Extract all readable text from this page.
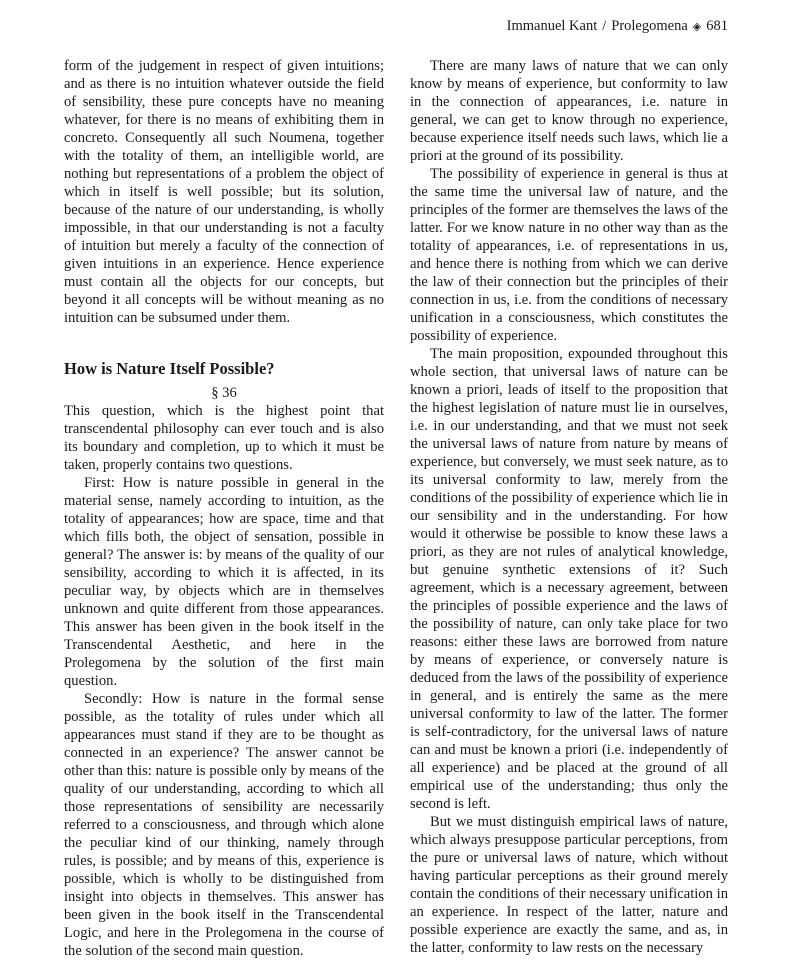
Immanuel Kant / Prolegomena ◈ 681

form of the judgement in respect of given intuitions; and as there is no intuition whatever outside the field of sensibility, these pure concepts have no meaning whatever, for there is no means of exhibiting them in concreto. Consequently all such Noumena, together with the totality of them, an intelligible world, are nothing but representations of a problem the object of which in itself is well possible; but its solution, because of the nature of our understanding, is wholly impossible, in that our understanding is not a faculty of intuition but merely a faculty of the connection of given intuitions in an experience. Hence experience must contain all the objects for our concepts, but beyond it all concepts will be without meaning as no intuition can be subsumed under them.

How is Nature Itself Possible?

§ 36

This question, which is the highest point that transcendental philosophy can ever touch and is also its boundary and completion, up to which it must be taken, properly contains two questions.

First: How is nature possible in general in the material sense, namely according to intuition, as the totality of appearances; how are space, time and that which fills both, the object of sensation, possible in general? The answer is: by means of the quality of our sensibility, according to which it is affected, in its peculiar way, by objects which are in themselves unknown and quite different from those appearances. This answer has been given in the book itself in the Transcendental Aesthetic, and here in the Prolegomena by the solution of the first main question.

Secondly: How is nature in the formal sense possible, as the totality of rules under which all appearances must stand if they are to be thought as connected in an experience? The answer cannot be other than this: nature is possible only by means of the quality of our understanding, according to which all those representations of sensibility are necessarily referred to a consciousness, and through which alone the peculiar kind of our thinking, namely through rules, is possible; and by means of this, experience is possible, which is wholly to be distinguished from insight into objects in themselves. This answer has been given in the book itself in the Transcendental Logic, and here in the Prolegomena in the course of the solution of the second main question.

There are many laws of nature that we can only know by means of experience, but conformity to law in the connection of appearances, i.e. nature in general, we can get to know through no experience, because experience itself needs such laws, which lie a priori at the ground of its possibility.

The possibility of experience in general is thus at the same time the universal law of nature, and the principles of the former are themselves the laws of the latter. For we know nature in no other way than as the totality of appearances, i.e. of representations in us, and hence there is nothing from which we can derive the law of their connection but the principles of their connection in us, i.e. from the conditions of necessary unification in a consciousness, which constitutes the possibility of experience.

The main proposition, expounded throughout this whole section, that universal laws of nature can be known a priori, leads of itself to the proposition that the highest legislation of nature must lie in ourselves, i.e. in our understanding, and that we must not seek the universal laws of nature from nature by means of experience, but conversely, we must seek nature, as to its universal conformity to law, merely from the conditions of the possibility of experience which lie in our sensibility and in the understanding. For how would it otherwise be possible to know these laws a priori, as they are not rules of analytical knowledge, but genuine synthetic extensions of it? Such agreement, which is a necessary agreement, between the principles of possible experience and the laws of the possibility of nature, can only take place for two reasons: either these laws are borrowed from nature by means of experience, or conversely nature is deduced from the laws of the possibility of experience in general, and is entirely the same as the mere universal conformity to law of the latter. The former is self-contradictory, for the universal laws of nature can and must be known a priori (i.e. independently of all experience) and be placed at the ground of all empirical use of the understanding; thus only the second is left.

But we must distinguish empirical laws of nature, which always presuppose particular perceptions, from the pure or universal laws of nature, which without having particular perceptions as their ground merely contain the conditions of their necessary unification in an experience. In respect of the latter, nature and possible experience are exactly the same, and as, in the latter, conformity to law rests on the necessary
